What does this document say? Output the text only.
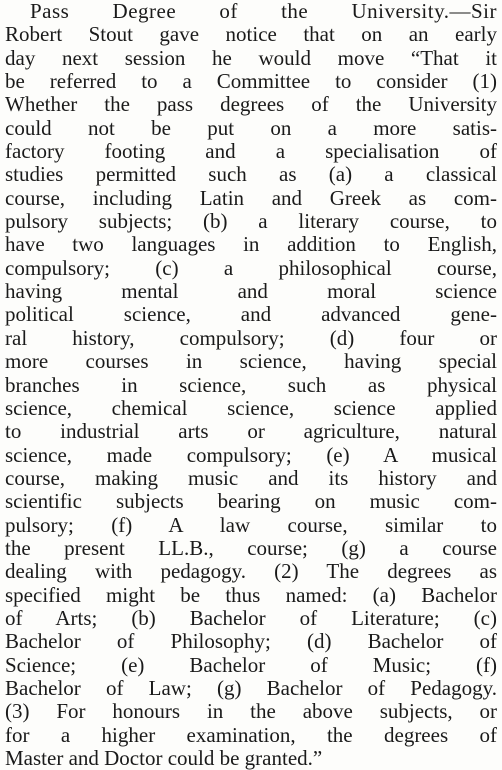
Pass Degree of the University.—Sir
Robert Stout gave notice that on an early
day next session he would move “That it
be referred to a Committee to consider (1)
Whether the pass degrees of the University
could not be put on a more satis-
factory footing and a specialisation of
studies permitted such as (a) a classical
course, including Latin and Greek as com-
pulsory subjects; (b) a literary course, to
have two languages in addition to English,
compulsory; (c) a philosophical course,
having mental and moral science
political science, and advanced gene-
ral history, compulsory; (d) four or
more courses in science, having special
branches in science, such as physical
science, chemical science, science applied
to industrial arts or agriculture, natural
science, made compulsory; (e) A musical
course, making music and its history and
scientific subjects bearing on music com-
pulsory; (f) A law course, similar to
the present LL.B., course; (g) a course
dealing with pedagogy. (2) The degrees as
specified might be thus named: (a) Bachelor
of Arts; (b) Bachelor of Literature; (c)
Bachelor of Philosophy; (d) Bachelor of
Science; (e) Bachelor of Music; (f)
Bachelor of Law; (g) Bachelor of Pedagogy.
(3) For honours in the above subjects, or
for a higher examination, the degrees of
Master and Doctor could be granted.”
